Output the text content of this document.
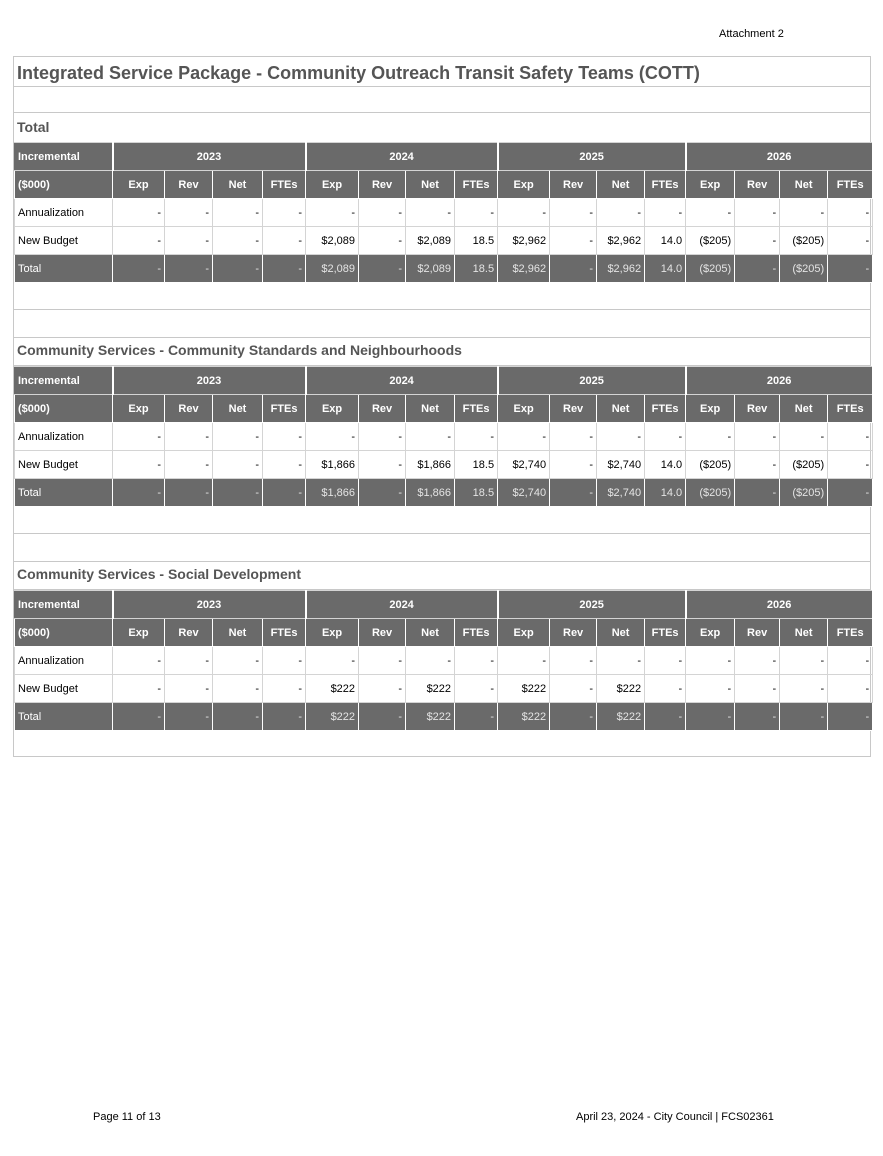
Attachment 2
Integrated Service Package - Community Outreach Transit Safety Teams (COTT)
Total
Incremental	2023				2024				2025				2026			
($000)	Exp	Rev	Net	FTEs	Exp	Rev	Net	FTEs	Exp	Rev	Net	FTEs	Exp	Rev	Net	FTEs
Annualization	-	-	-	-	-	-	-	-	-	-	-	-	-	-	-	-
New Budget	-	-	-	-	$2,089	-	$2,089	18.5	$2,962	-	$2,962	14.0	($205)	-	($205)	-
Total	-	-	-	-	$2,089	-	$2,089	18.5	$2,962	-	$2,962	14.0	($205)	-	($205)	-
Community Services - Community Standards and Neighbourhoods
Incremental	2023				2024				2025				2026			
($000)	Exp	Rev	Net	FTEs	Exp	Rev	Net	FTEs	Exp	Rev	Net	FTEs	Exp	Rev	Net	FTEs
Annualization	-	-	-	-	-	-	-	-	-	-	-	-	-	-	-	-
New Budget	-	-	-	-	$1,866	-	$1,866	18.5	$2,740	-	$2,740	14.0	($205)	-	($205)	-
Total	-	-	-	-	$1,866	-	$1,866	18.5	$2,740	-	$2,740	14.0	($205)	-	($205)	-
Community Services - Social Development
Incremental	2023				2024				2025				2026			
($000)	Exp	Rev	Net	FTEs	Exp	Rev	Net	FTEs	Exp	Rev	Net	FTEs	Exp	Rev	Net	FTEs
Annualization	-	-	-	-	-	-	-	-	-	-	-	-	-	-	-	-
New Budget	-	-	-	-	$222	-	$222	-	$222	-	$222	-	-	-	-	-
Total	-	-	-	-	$222	-	$222	-	$222	-	$222	-	-	-	-	-
Page 11 of 13	April 23, 2024 - City Council | FCS02361
